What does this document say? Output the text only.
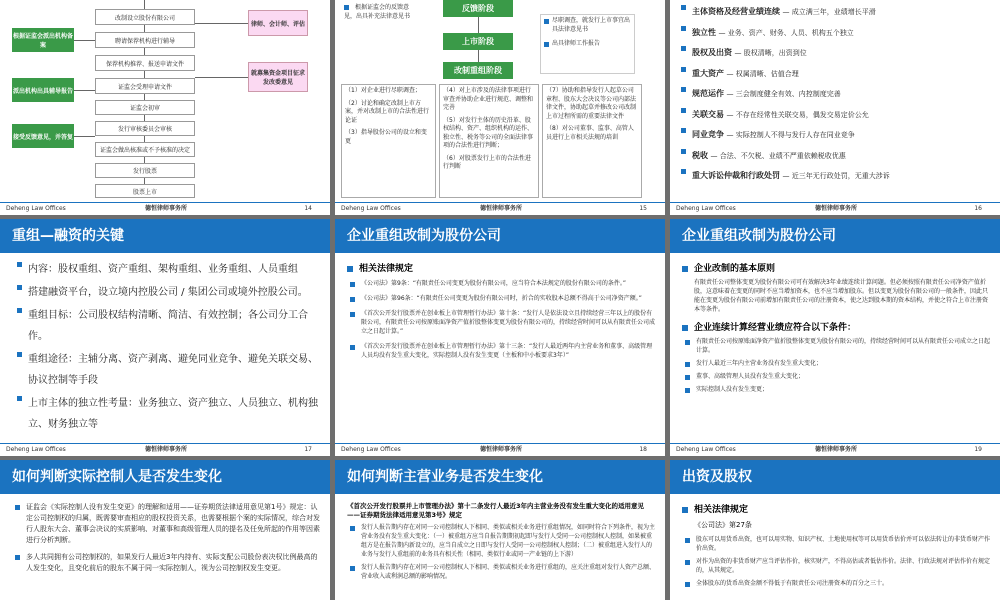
改制设立股份有限公司
聘请保荐机构进行辅导
保荐机构推荐、报送申请文件
证监会受理申请文件
证监会初审
发行审核委员会审核
证监会做出核准或不予核准的决定
发行股票
股票上市
根据证监会派出机构备案
派出机构出具辅导报告
接受反馈意见，并答复
律师、会计师、评估
就募集资金项目征求发改委意见
Deheng Law Offices	德恒律师事务所	14
根据证监会的反馈意见，出具补充法律意见书
反馈阶段
上市阶段
改制重组阶段
尽职调查，就发行上市事宜出具法律意见书
出具律师工作报告
（1）对企业进行尽职调查；
（2）讨论和确定改制上市方案，并对改制上市的合法性进行论证
（3）指导股份公司的设立和变更
（4）对上市涉及的法律事项进行审查并协助企业进行规范、调整和完善
（5）对发行主体的历史沿革、股权结构、资产、组织机构的运作、独立性、税务等公司的全面法律事项的合法性进行判断；
（6）对股票发行上市的合法性进行判断
（7）协助和指导发行人起草公司章程、股东大会决议等公司内部法律文件，协助起草并修改公司改制上市过程所需的重要法律文件
（8）对公司董事、监事、高管人员进行上市相关法规的培训
Deheng Law Offices	德恒律师事务所	15
主体资格及经营业绩连续 — 成立满三年，业绩增长平滑
独立性 — 业务、资产、财务、人员、机构五个独立
股权及出资 — 股权清晰，出资到位
重大资产 — 权属清晰、估值合理
规范运作 — 三会制度健全有效、内控制度完善
关联交易 — 不存在经常性关联交易，偶发交易定价公允
同业竞争 — 实际控制人不得与发行人存在同业竞争
税收 — 合法、不欠税、业绩不严重依赖税收优惠
重大诉讼仲裁和行政处罚 — 近三年无行政处罚，无重大涉诉
Deheng Law Offices	德恒律师事务所	16
重组—融资的关键
内容：股权重组、资产重组、架构重组、业务重组、人员重组
搭建融资平台，设立境内控股公司 / 集团公司或境外控股公司。
重组目标：公司股权结构清晰、简洁、有效控制；各公司分工合作。
重组途径：主辅分离、资产剥离、避免同业竞争、避免关联交易、协议控制等手段
上市主体的独立性考量：业务独立、资产独立、人员独立、机构独立、财务独立等
Deheng Law Offices	德恒律师事务所	17
企业重组改制为股份公司
相关法律规定
《公司法》第9条：“有限责任公司变更为股份有限公司，应当符合本法规定的股份有限公司的条件。”
《公司法》第96条：“有限责任公司变更为股份有限公司时，折合的实收股本总额不得高于公司净资产额。”
《首次公开发行股票并在创业板上市管理暂行办法》第十条：“发行人是依法设立且持续经营三年以上的股份有限公司，有限责任公司按原账面净资产值折股整体变更为股份有限公司的，持续经营时间可以从有限责任公司成立之日起计算。”
《首次公开发行股票并在创业板上市管理暂行办法》第十三条：“发行人最近两年内主营业务和董事、高级管理人员均没有发生重大变化，实际控制人没有发生变更（主板和中小板要求3年）”
Deheng Law Offices	德恒律师事务所	18
企业重组改制为股份公司
企业改制的基本原则
有限责任公司整体变更为股份有限公司可有效解决3年业绩连续计算问题。但必须按照有限责任公司净资产值折股，这意味着在变更的同时不应当增加资本，也不应当增加股东。但以变更为股份有限公司的一般条件，因此只能在变更为股份有限公司前增加有限责任公司的注册资本，使之达到股本期的资本结构，并使之符合上市注册资本等条件。
企业连续计算经营业绩应符合以下条件：
有限责任公司按原账面净资产值折股整体变更为股份有限公司的，持续经营时间可以从有限责任公司成立之日起计算。
发行人最近三年内主营业务没有发生重大变化；
董事、高级管理人员没有发生重大变化；
实际控制人没有发生变更；
Deheng Law Offices	德恒律师事务所	19
如何判断实际控制人是否发生变化
证监会《实际控制人没有发生变更》的理解和适用——证券期货法律适用意见第1号》规定：认定公司控制权的归属，既需要审查相应的股权投资关系，也需要根据个案的实际情况，综合对发行人股东大会、董事会决议的实质影响、对董事和高级管理人员的提名及任免所起的作用等因素进行分析判断。
多人共同拥有公司控制权的，如果发行人最近3年内持有、实际支配公司股份表决权比例最高的人发生变化，且变化前后的股东不属于同一实际控制人，视为公司控制权发生变更。
如何判断主营业务是否发生变化
《首次公开发行股票并上市管理办法》第十二条发行人最近3年内主营业务没有发生重大变化的适用意见——证券期货法律适用意见第3号》规定
发行人报告期内存在对同一公司控制权人下相同、类似或相关业务进行重组情况，如同时符合下列条件，视为主营业务没有发生重大变化：（一）被重组方应当自报告期期初起即与发行人受同一公司控制权人控制，如果被重组方是在报告期内新设立的，应当自成立之日即与发行人受同一公司控制权人控制；（二）被重组进入发行人的业务与发行人重组前的业务具有相关性（相同、类似行业或同一产业链的上下游）
发行人报告期内存在对同一公司控制权人下相同、类似或相关业务进行重组的，应关注重组对发行人资产总额、营业收入或利润总额的影响情况。
出资及股权
相关法律规定
《公司法》第27条
股东可以用货币出资，也可以用实物、知识产权、土地使用权等可以用货币估价并可以依法转让的非货币财产作价出资。
对作为出资的非货币财产应当评估作价，核实财产，不得高估或者低估作价。法律、行政法规对评估作价有规定的，从其规定。
全体股东的货币出资金额不得低于有限责任公司注册资本的百分之三十。
